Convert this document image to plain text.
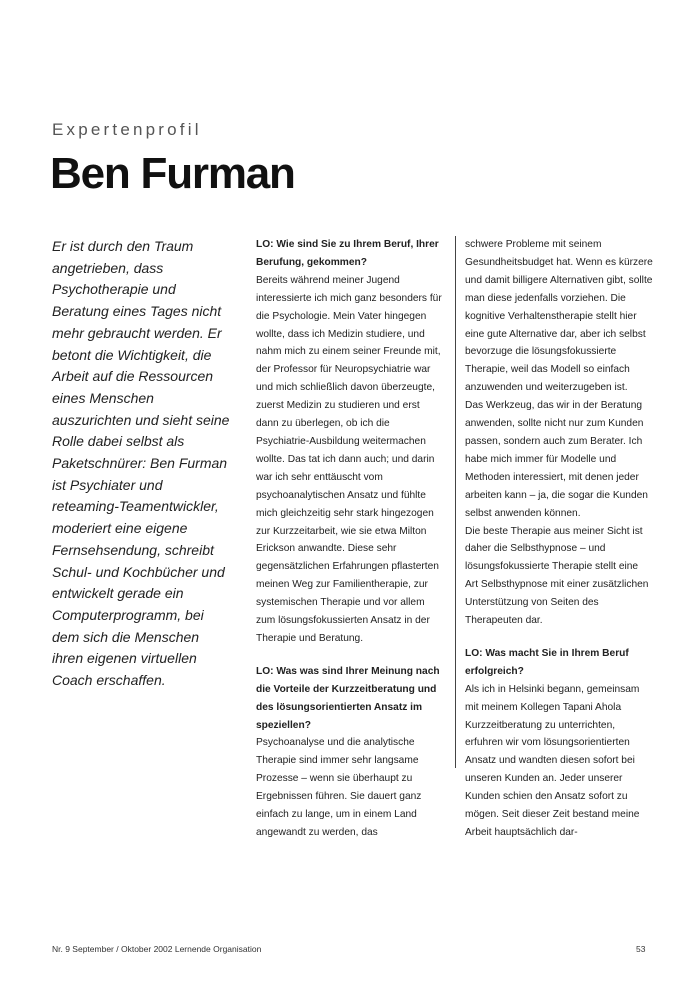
Expertenprofil
Ben Furman
Er ist durch den Traum angetrieben, dass Psychotherapie und Beratung eines Tages nicht mehr gebraucht werden. Er betont die Wichtigkeit, die Arbeit auf die Ressourcen eines Menschen auszurichten und sieht seine Rolle dabei selbst als Paketschnürer: Ben Furman ist Psychiater und reteaming-Teamentwickler, moderiert eine eigene Fernsehsendung, schreibt Schul- und Kochbücher und entwickelt gerade ein Computerprogramm, bei dem sich die Menschen ihren eigenen virtuellen Coach erschaffen.

LO: Wie sind Sie zu Ihrem Beruf, Ihrer Berufung, gekommen?

Bereits während meiner Jugend interessierte ich mich ganz besonders für die Psychologie. Mein Vater hingegen wollte, dass ich Medizin studiere, und nahm mich zu einem seiner Freunde mit, der Professor für Neuropsychiatrie war und mich schließlich davon überzeugte, zuerst Medizin zu studieren und erst dann zu überlegen, ob ich die Psychiatrie-Ausbildung weitermachen wollte. Das tat ich dann auch; und darin war ich sehr enttäuscht vom psychoanalytischen Ansatz und fühlte mich gleichzeitig sehr stark hingezogen zur Kurzzeitarbeit, wie sie etwa Milton Erickson anwandte. Diese sehr gegensätzlichen Erfahrungen pflasterten meinen Weg zur Familientherapie, zur systemischen Therapie und vor allem zum lösungsfokussierten Ansatz in der Therapie und Beratung.

LO: Was was sind Ihrer Meinung nach die Vorteile der Kurzzeitberatung und des lösungsorientierten Ansatz im speziellen?

Psychoanalyse und die analytische Therapie sind immer sehr langsame Prozesse – wenn sie überhaupt zu Ergebnissen führen. Sie dauert ganz einfach zu lange, um in einem Land angewandt zu werden, das

schwere Probleme mit seinem Gesundheitsbudget hat. Wenn es kürzere und damit billigere Alternativen gibt, sollte man diese jedenfalls vorziehen. Die kognitive Verhaltenstherapie stellt hier eine gute Alternative dar, aber ich selbst bevorzuge die lösungsfokussierte Therapie, weil das Modell so einfach anzuwenden und weiterzugeben ist.

Das Werkzeug, das wir in der Beratung anwenden, sollte nicht nur zum Kunden passen, sondern auch zum Berater. Ich habe mich immer für Modelle und Methoden interessiert, mit denen jeder arbeiten kann – ja, die sogar die Kunden selbst anwenden können.

Die beste Therapie aus meiner Sicht ist daher die Selbsthypnose – und lösungsfokussierte Therapie stellt eine Art Selbsthypnose mit einer zusätzlichen Unterstützung von Seiten des Therapeuten dar.

LO: Was macht Sie in Ihrem Beruf erfolgreich?

Als ich in Helsinki begann, gemeinsam mit meinem Kollegen Tapani Ahola Kurzzeitberatung zu unterrichten, erfuhren wir vom lösungsorientierten Ansatz und wandten diesen sofort bei unseren Kunden an. Jeder unserer Kunden schien den Ansatz sofort zu mögen. Seit dieser Zeit bestand meine Arbeit hauptsächlich dar-

Nr. 9 September / Oktober 2002 Lernende Organisation	53
